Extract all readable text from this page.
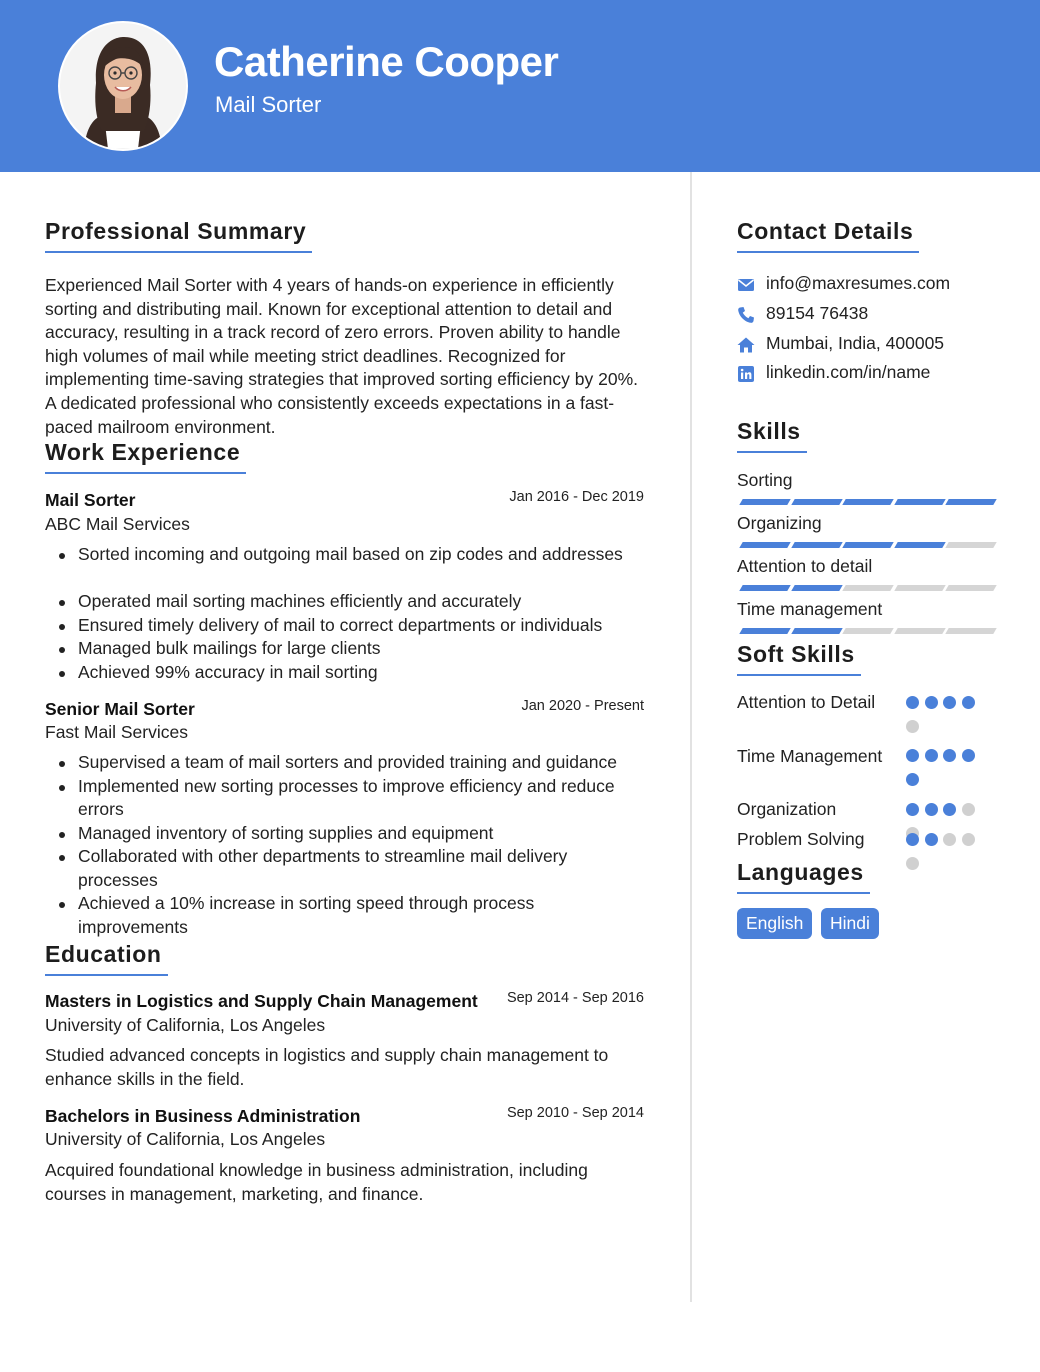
Catherine Cooper
Mail Sorter
Professional Summary
Experienced Mail Sorter with 4 years of hands-on experience in efficiently sorting and distributing mail. Known for exceptional attention to detail and accuracy, resulting in a track record of zero errors. Proven ability to handle high volumes of mail while meeting strict deadlines. Recognized for implementing time-saving strategies that improved sorting efficiency by 20%. A dedicated professional who consistently exceeds expectations in a fast-paced mailroom environment.
Work Experience
Mail Sorter	Jan 2016 - Dec 2019
ABC Mail Services
Sorted incoming and outgoing mail based on zip codes and addresses
Operated mail sorting machines efficiently and accurately
Ensured timely delivery of mail to correct departments or individuals
Managed bulk mailings for large clients
Achieved 99% accuracy in mail sorting
Senior Mail Sorter	Jan 2020 - Present
Fast Mail Services
Supervised a team of mail sorters and provided training and guidance
Implemented new sorting processes to improve efficiency and reduce errors
Managed inventory of sorting supplies and equipment
Collaborated with other departments to streamline mail delivery processes
Achieved a 10% increase in sorting speed through process improvements
Education
Masters in Logistics and Supply Chain Management Sep 2014 - Sep 2016
University of California, Los Angeles
Studied advanced concepts in logistics and supply chain management to enhance skills in the field.
Bachelors in Business Administration	Sep 2010 - Sep 2014
University of California, Los Angeles
Acquired foundational knowledge in business administration, including courses in management, marketing, and finance.
Contact Details
info@maxresumes.com
89154 76438
Mumbai, India, 400005
linkedin.com/in/name
Skills
Sorting
Organizing
Attention to detail
Time management
Soft Skills
Attention to Detail
Time Management
Organization
Problem Solving
Languages
English	Hindi
